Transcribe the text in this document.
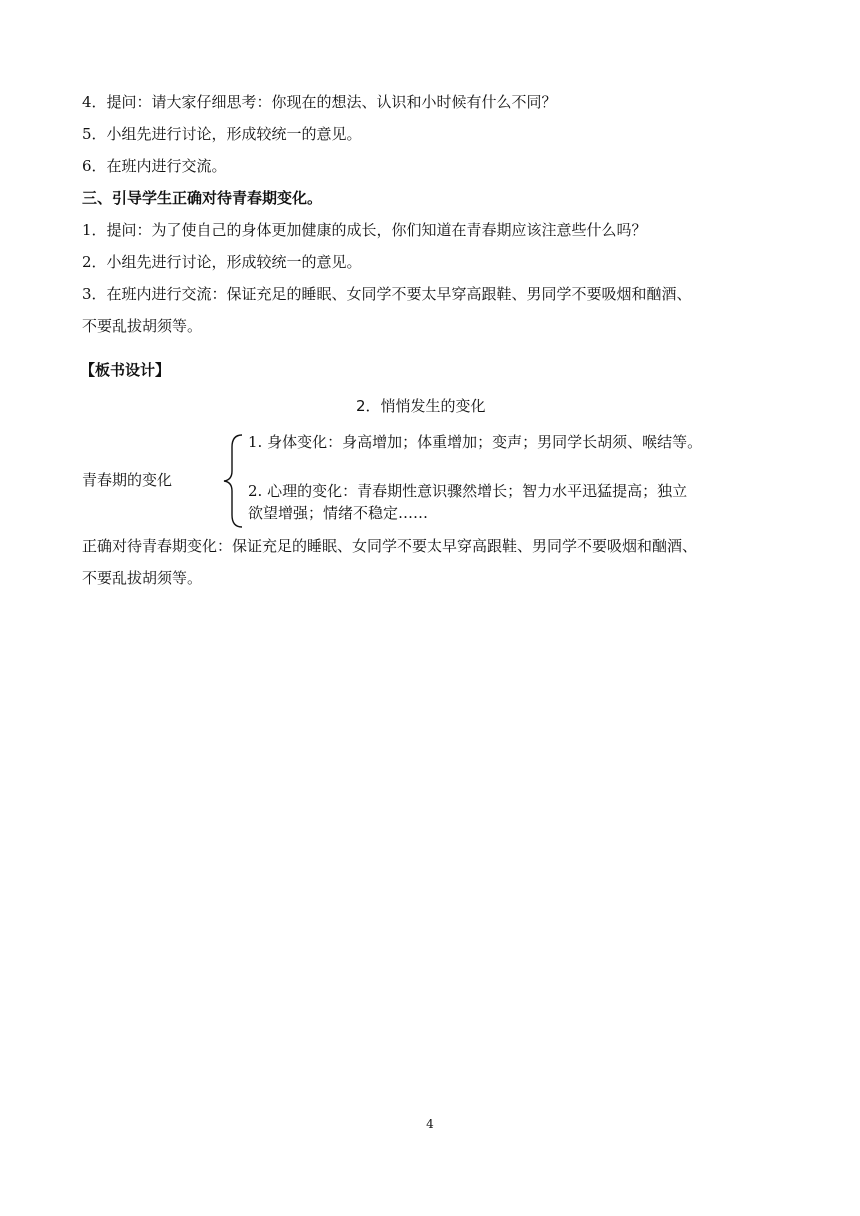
4．提问：请大家仔细思考：你现在的想法、认识和小时候有什么不同？
5．小组先进行讨论，形成较统一的意见。
6．在班内进行交流。
三、引导学生正确对待青春期变化。
1．提问：为了使自己的身体更加健康的成长，你们知道在青春期应该注意些什么吗？
2．小组先进行讨论，形成较统一的意见。
3．在班内进行交流：保证充足的睡眠、女同学不要太早穿高跟鞋、男同学不要吸烟和酗酒、
不要乱拔胡须等。
【板书设计】
2．悄悄发生的变化
青春期的变化
1. 身体变化：身高增加；体重增加；变声；男同学长胡须、喉结等。
2. 心理的变化：青春期性意识骤然增长；智力水平迅猛提高；独立
欲望增强；情绪不稳定……
正确对待青春期变化：保证充足的睡眠、女同学不要太早穿高跟鞋、男同学不要吸烟和酗酒、
不要乱拔胡须等。
4
